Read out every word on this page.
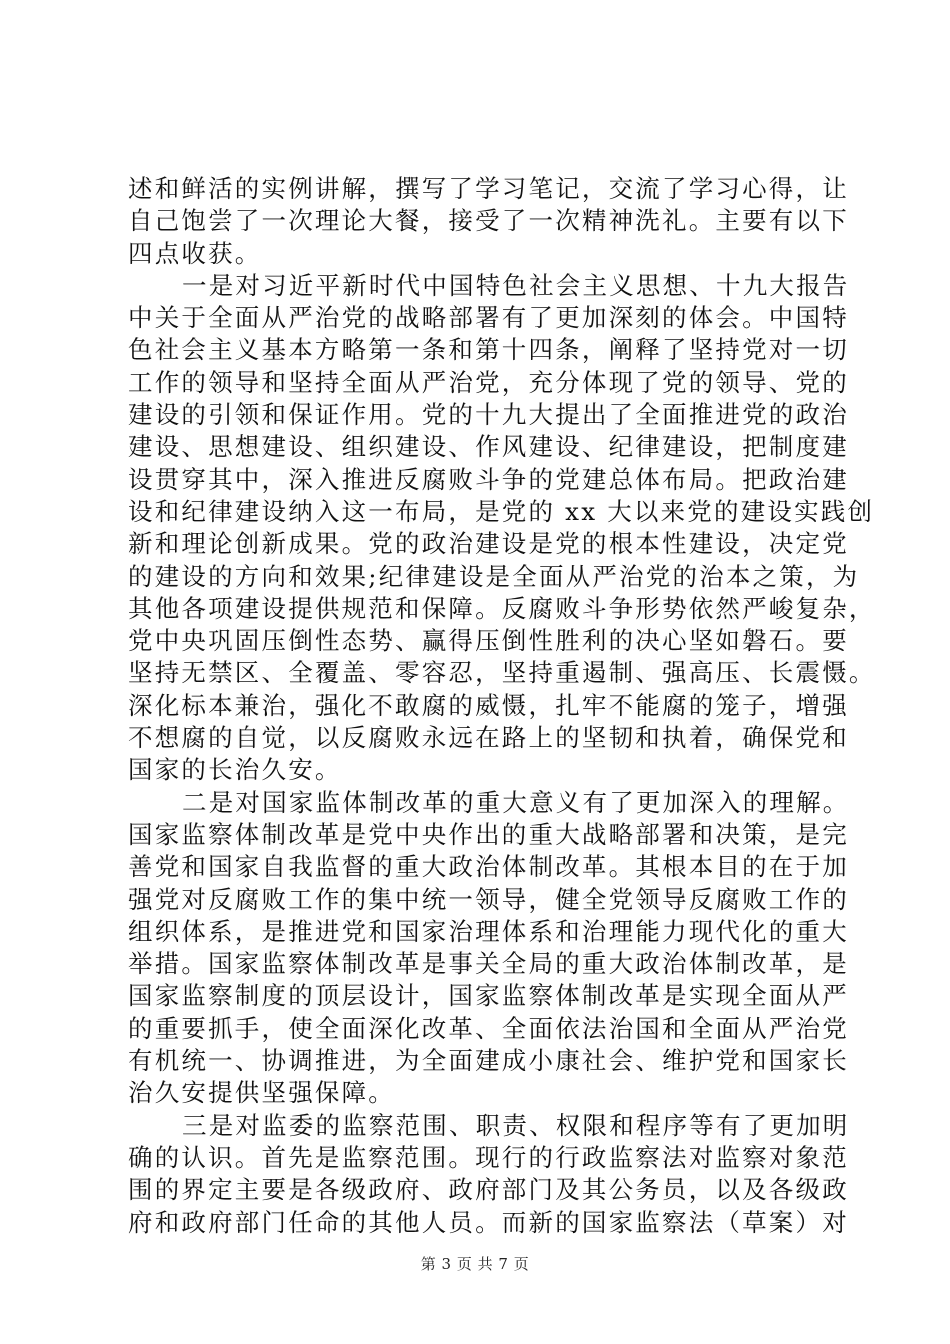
述和鲜活的实例讲解，撰写了学习笔记，交流了学习心得，让
自己饱尝了一次理论大餐，接受了一次精神洗礼。主要有以下
四点收获。
一是对习近平新时代中国特色社会主义思想、十九大报告
中关于全面从严治党的战略部署有了更加深刻的体会。中国特
色社会主义基本方略第一条和第十四条，阐释了坚持党对一切
工作的领导和坚持全面从严治党，充分体现了党的领导、党的
建设的引领和保证作用。党的十九大提出了全面推进党的政治
建设、思想建设、组织建设、作风建设、纪律建设，把制度建
设贯穿其中，深入推进反腐败斗争的党建总体布局。把政治建
设和纪律建设纳入这一布局，是党的 xx 大以来党的建设实践创
新和理论创新成果。党的政治建设是党的根本性建设，决定党
的建设的方向和效果;纪律建设是全面从严治党的治本之策，为
其他各项建设提供规范和保障。反腐败斗争形势依然严峻复杂，
党中央巩固压倒性态势、赢得压倒性胜利的决心坚如磐石。要
坚持无禁区、全覆盖、零容忍，坚持重遏制、强高压、长震慑。
深化标本兼治，强化不敢腐的威慑，扎牢不能腐的笼子，增强
不想腐的自觉，以反腐败永远在路上的坚韧和执着，确保党和
国家的长治久安。
二是对国家监体制改革的重大意义有了更加深入的理解。
国家监察体制改革是党中央作出的重大战略部署和决策，是完
善党和国家自我监督的重大政治体制改革。其根本目的在于加
强党对反腐败工作的集中统一领导，健全党领导反腐败工作的
组织体系，是推进党和国家治理体系和治理能力现代化的重大
举措。国家监察体制改革是事关全局的重大政治体制改革，是
国家监察制度的顶层设计，国家监察体制改革是实现全面从严
的重要抓手，使全面深化改革、全面依法治国和全面从严治党
有机统一、协调推进，为全面建成小康社会、维护党和国家长
治久安提供坚强保障。
三是对监委的监察范围、职责、权限和程序等有了更加明
确的认识。首先是监察范围。现行的行政监察法对监察对象范
围的界定主要是各级政府、政府部门及其公务员，以及各级政
府和政府部门任命的其他人员。而新的国家监察法（草案）对
第 3 页 共 7 页
